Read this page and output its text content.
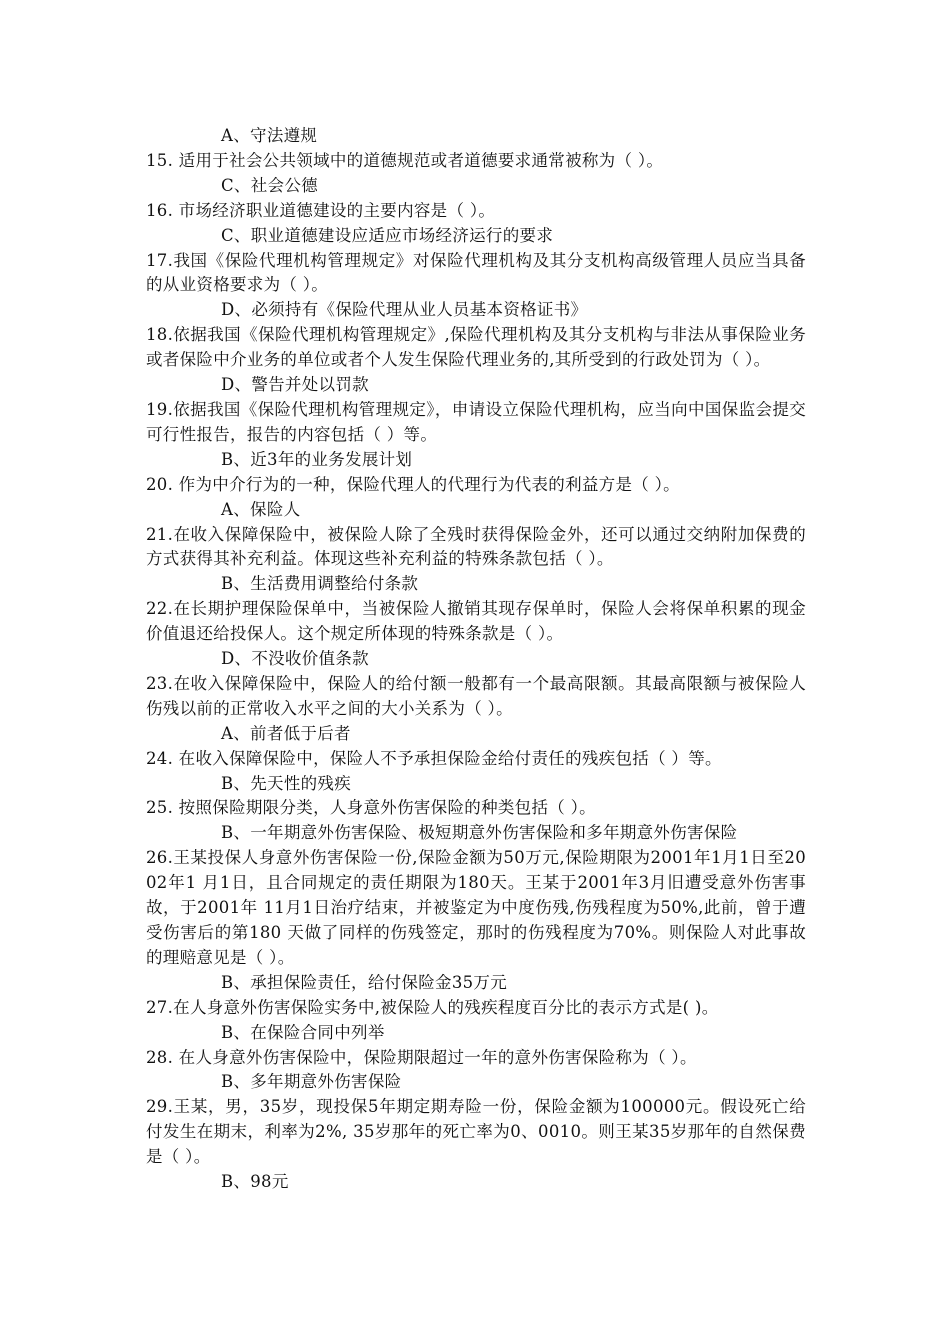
A、守法遵规

15. 适用于社会公共领域中的道德规范或者道德要求通常被称为（ ）。

C、社会公德

16. 市场经济职业道德建设的主要内容是（ ）。

C、职业道德建设应适应市场经济运行的要求

17.我国《保险代理机构管理规定》对保险代理机构及其分支机构高级管理人员应当具备的从业资格要求为（ ）。

D、必须持有《保险代理从业人员基本资格证书》

18.依据我国《保险代理机构管理规定》,保险代理机构及其分支机构与非法从事保险业务或者保险中介业务的单位或者个人发生保险代理业务的,其所受到的行政处罚为（ ）。

D、警告并处以罚款

19.依据我国《保险代理机构管理规定》，申请设立保险代理机构，应当向中国保监会提交可行性报告，报告的内容包括（ ）等。

B、近3年的业务发展计划

20. 作为中介行为的一种，保险代理人的代理行为代表的利益方是（ ）。

A、保险人

21.在收入保障保险中，被保险人除了全残时获得保险金外，还可以通过交纳附加保费的方式获得其补充利益。体现这些补充利益的特殊条款包括（ ）。

B、生活费用调整给付条款

22.在长期护理保险保单中，当被保险人撤销其现存保单时，保险人会将保单积累的现金价值退还给投保人。这个规定所体现的特殊条款是（ ）。

D、不没收价值条款

23.在收入保障保险中，保险人的给付额一般都有一个最高限额。其最高限额与被保险人伤残以前的正常收入水平之间的大小关系为（ ）。

A、前者低于后者

24. 在收入保障保险中，保险人不予承担保险金给付责任的残疾包括（ ）等。

B、先天性的残疾

25. 按照保险期限分类，人身意外伤害保险的种类包括（ ）。

B、一年期意外伤害保险、极短期意外伤害保险和多年期意外伤害保险

26.王某投保人身意外伤害保险一份,保险金额为50万元,保险期限为2001年1月1日至2002年1 月1日，且合同规定的责任期限为180天。王某于2001年3月旧遭受意外伤害事故，于2001年 11月1日治疗结束，并被鉴定为中度伤残,伤残程度为50%,此前，曾于遭受伤害后的第180 天做了同样的伤残签定，那时的伤残程度为70%。则保险人对此事故的理赔意见是（ ）。

B、承担保险责任，给付保险金35万元

27.在人身意外伤害保险实务中,被保险人的残疾程度百分比的表示方式是( )。

B、在保险合同中列举

28. 在人身意外伤害保险中，保险期限超过一年的意外伤害保险称为（ ）。

B、多年期意外伤害保险

29.王某，男，35岁，现投保5年期定期寿险一份，保险金额为100000元。假设死亡给付发生在期末，利率为2%, 35岁那年的死亡率为0、0010。则王某35岁那年的自然保费是（ ）。

B、98元
